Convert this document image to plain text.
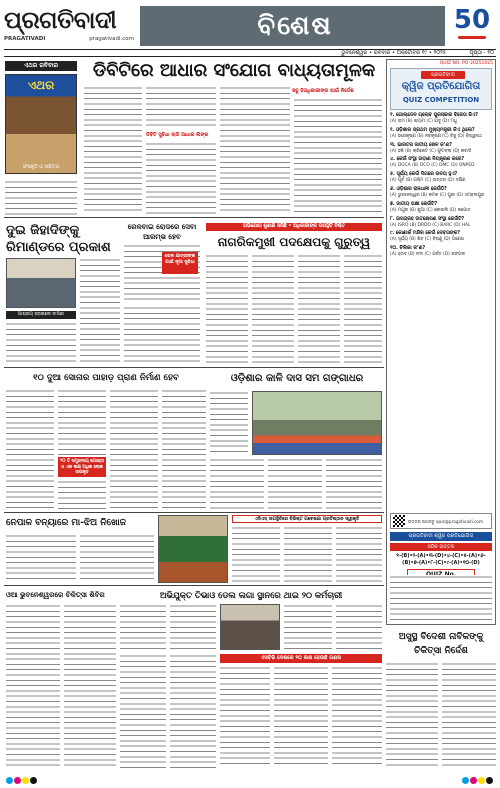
ପ୍ରଗତିବାଦୀ
PRAGATIVADI	pragativadi.com	ବିଶେଷ	50
ପୃଷ୍ଠା - ୧୦
ଭୁବନେଶ୍ୱର • ରବିବାର • ଅକ୍ଟୋବର ୧୯ • ୨୦୨୫
ଏଥର ରବିବାର
ଏଥର
ସଂସ୍କୃତି ଓ ସାହିତ୍ୟ
ଡିବିଟିରେ ଆଧାର ସଂଯୋଗ ବାଧ୍ୟତାମୂଳକ
ଡିବିଟି ସୁବିଧା ଲାଗି ଆଧାର ଲିଙ୍କ
ସବୁ ହିତାଧିକାରୀଙ୍କ ପାଇଁ ନିର୍ଦ୍ଦେଶ
QUIZ NO. PO-20251025
ପ୍ରଗତିବାଦୀ
କ୍ୱିଜ ପ୍ରତିଯୋଗିତା
QUIZ COMPETITION
୧. ଗୋଲ୍ଡେନ ଗ୍ଲୋବ ପୁରସ୍କାର ବିଜେତା କିଏ?
(A) ରାମ (B) ଶ୍ୟାମ (C) ଯଦୁ (D) ମଧୁ
୨. ଓଡ଼ିଶାର ପ୍ରଥମ ମୁଖ୍ୟମନ୍ତ୍ରୀ କିଏ ଥିଲେ?
(A) ହରେକୃଷ୍ଣ (B) ନବକୃଷ୍ଣ (C) ବିଜୁ (D) ବିଶ୍ୱନାଥ
୩. ଭାରତର ଜାତୀୟ ଖେଳ କ’ଣ?
(A) ହକି (B) କ୍ରିକେଟ (C) ଫୁଟବଲ (D) କବାଡି
୪. କେଉଁ ସଂସ୍ଥା ଉଡ଼ାଣ ନିୟନ୍ତ୍ରଣ କରେ?
(A) DGCA (B) DCO (C) DMC (D) ONPED
୫. ସୂର୍ଯ୍ୟ କେଉଁ ଦିଗରେ ଉଦୟ ହୁଏ?
(A) ପୂର୍ବ (B) ପଶ୍ଚିମ (C) ଉତ୍ତର (D) ଦକ୍ଷିଣ
୬. ଓଡ଼ିଶାର ରାଜଧାନୀ କେଉଁଠି?
(A) ଭୁବନେଶ୍ୱର (B) କଟକ (C) ପୁରୀ (D) ସମ୍ବଲପୁର
୭. ଜାତୀୟ ପକ୍ଷୀ କେଉଁଟି?
(A) ମୟୂର (B) ଶୁଆ (C) କୋଇଲି (D) କପୋତ
୮. ଉପଗ୍ରହ ଉତକ୍ଷେପଣ ସଂସ୍ଥା କେଉଁଟି?
(A) ISRO (B) DRDO (C) BARC (D) HAL
୯. କୋଣାର୍କ ମନ୍ଦିର କେଉଁ ଦେବତାଙ୍କ?
(A) ସୂର୍ଯ୍ୟ (B) ଶିବ (C) ବିଷ୍ଣୁ (D) ଗଣେଶ
୧୦. ଚିଲିକା କ’ଣ?
(A) ହ୍ରଦ (B) ନଦୀ (C) ପର୍ବତ (D) ଜଙ୍ଗଲ
ଉତ୍ତର ପଠାନ୍ତୁ quiz@pragativadi.com
ପ୍ରଗତିବାଦୀ କ୍ୱିଜ ପ୍ରତିଯୋଗିତା
ସଠିକ ଉତ୍ତର
୧-(B)•୨-(A)•୩-(D)•୪-(C)•୫-(A)•୬-(B)•୭-(A)•୮-(C)•୯-(A)•୧୦-(D)
ଦୁଇ ଜିହାଦିଙ୍କୁ ରିମାଣ୍ଡରେ ପ୍ରକାଶ
ଆଶ୍ରୟ ହରାଇଲେ ବାସିନ୍ଦା
ରେଳବାଇ ରୋଡରେ ସେବା ଆରମ୍ଭ ହେବ
ରେଳ ଯାତ୍ରୀଙ୍କ ପାଇଁ ନୂଆ ସୁବିଧା
ଅଭିଯୋଗ ଶୁଣାଣି ସରିଛି • ଅଧିକାରୀଙ୍କ ଉପସ୍ଥିତି ନିଶ୍ଚିତ
ନାଗରିକମୁଖୀ ପଦକ୍ଷେପକୁ ଗୁରୁତ୍ୱ
୧୦ ଦୁଆ ସୋନାର ପାହାଡ଼ ପ୍ରାଣ ନିର୍ମାଣ ହେବ
୨୦ ଟି ସମ୍ପ୍ରଦାୟ ଗୋଷ୍ଠୀ ଓ ଏକ ଲକ୍ଷ ଅଧିକ ଲୋକ ଉପକୃତ
ଓଡ଼ିଶାର କାଳି ଦାସ ସମ ଗଙ୍ଗାଧର
ନେପାଳ ବନ୍ୟାରେ ମା-ଝିଅ ନିଖୋଜ	ଏସିଏସ୍‌ ଉପସ୍ଥିତିରେ ବିଶିଷ୍ଟ ଗବେଷଣା ପ୍ରତିଷ୍ଠାନ ସ୍ୱୀକୃତି
ଓଆ ଭୁବନେଶ୍ୱରରେ ଚିକିତ୍ସା ଶିବିର	ଅଭିଯୁକ୍ତ ତିଭାଓ ଡେଲ ଲଗା ସ୍ଥାନରେ ଥାଇ ୨୦ କର୍ମଚାରୀ
ଏସବିଭି ଦେଶରେ ୧୦ ଲକ୍ଷ ହେଉଛି ଗଣନା
ଅସୁସ୍ଥ ବିଦେଶୀ ନାବିକଙ୍କୁ ଚିକିତ୍ସା ନିର୍ଦ୍ଦେଶ
